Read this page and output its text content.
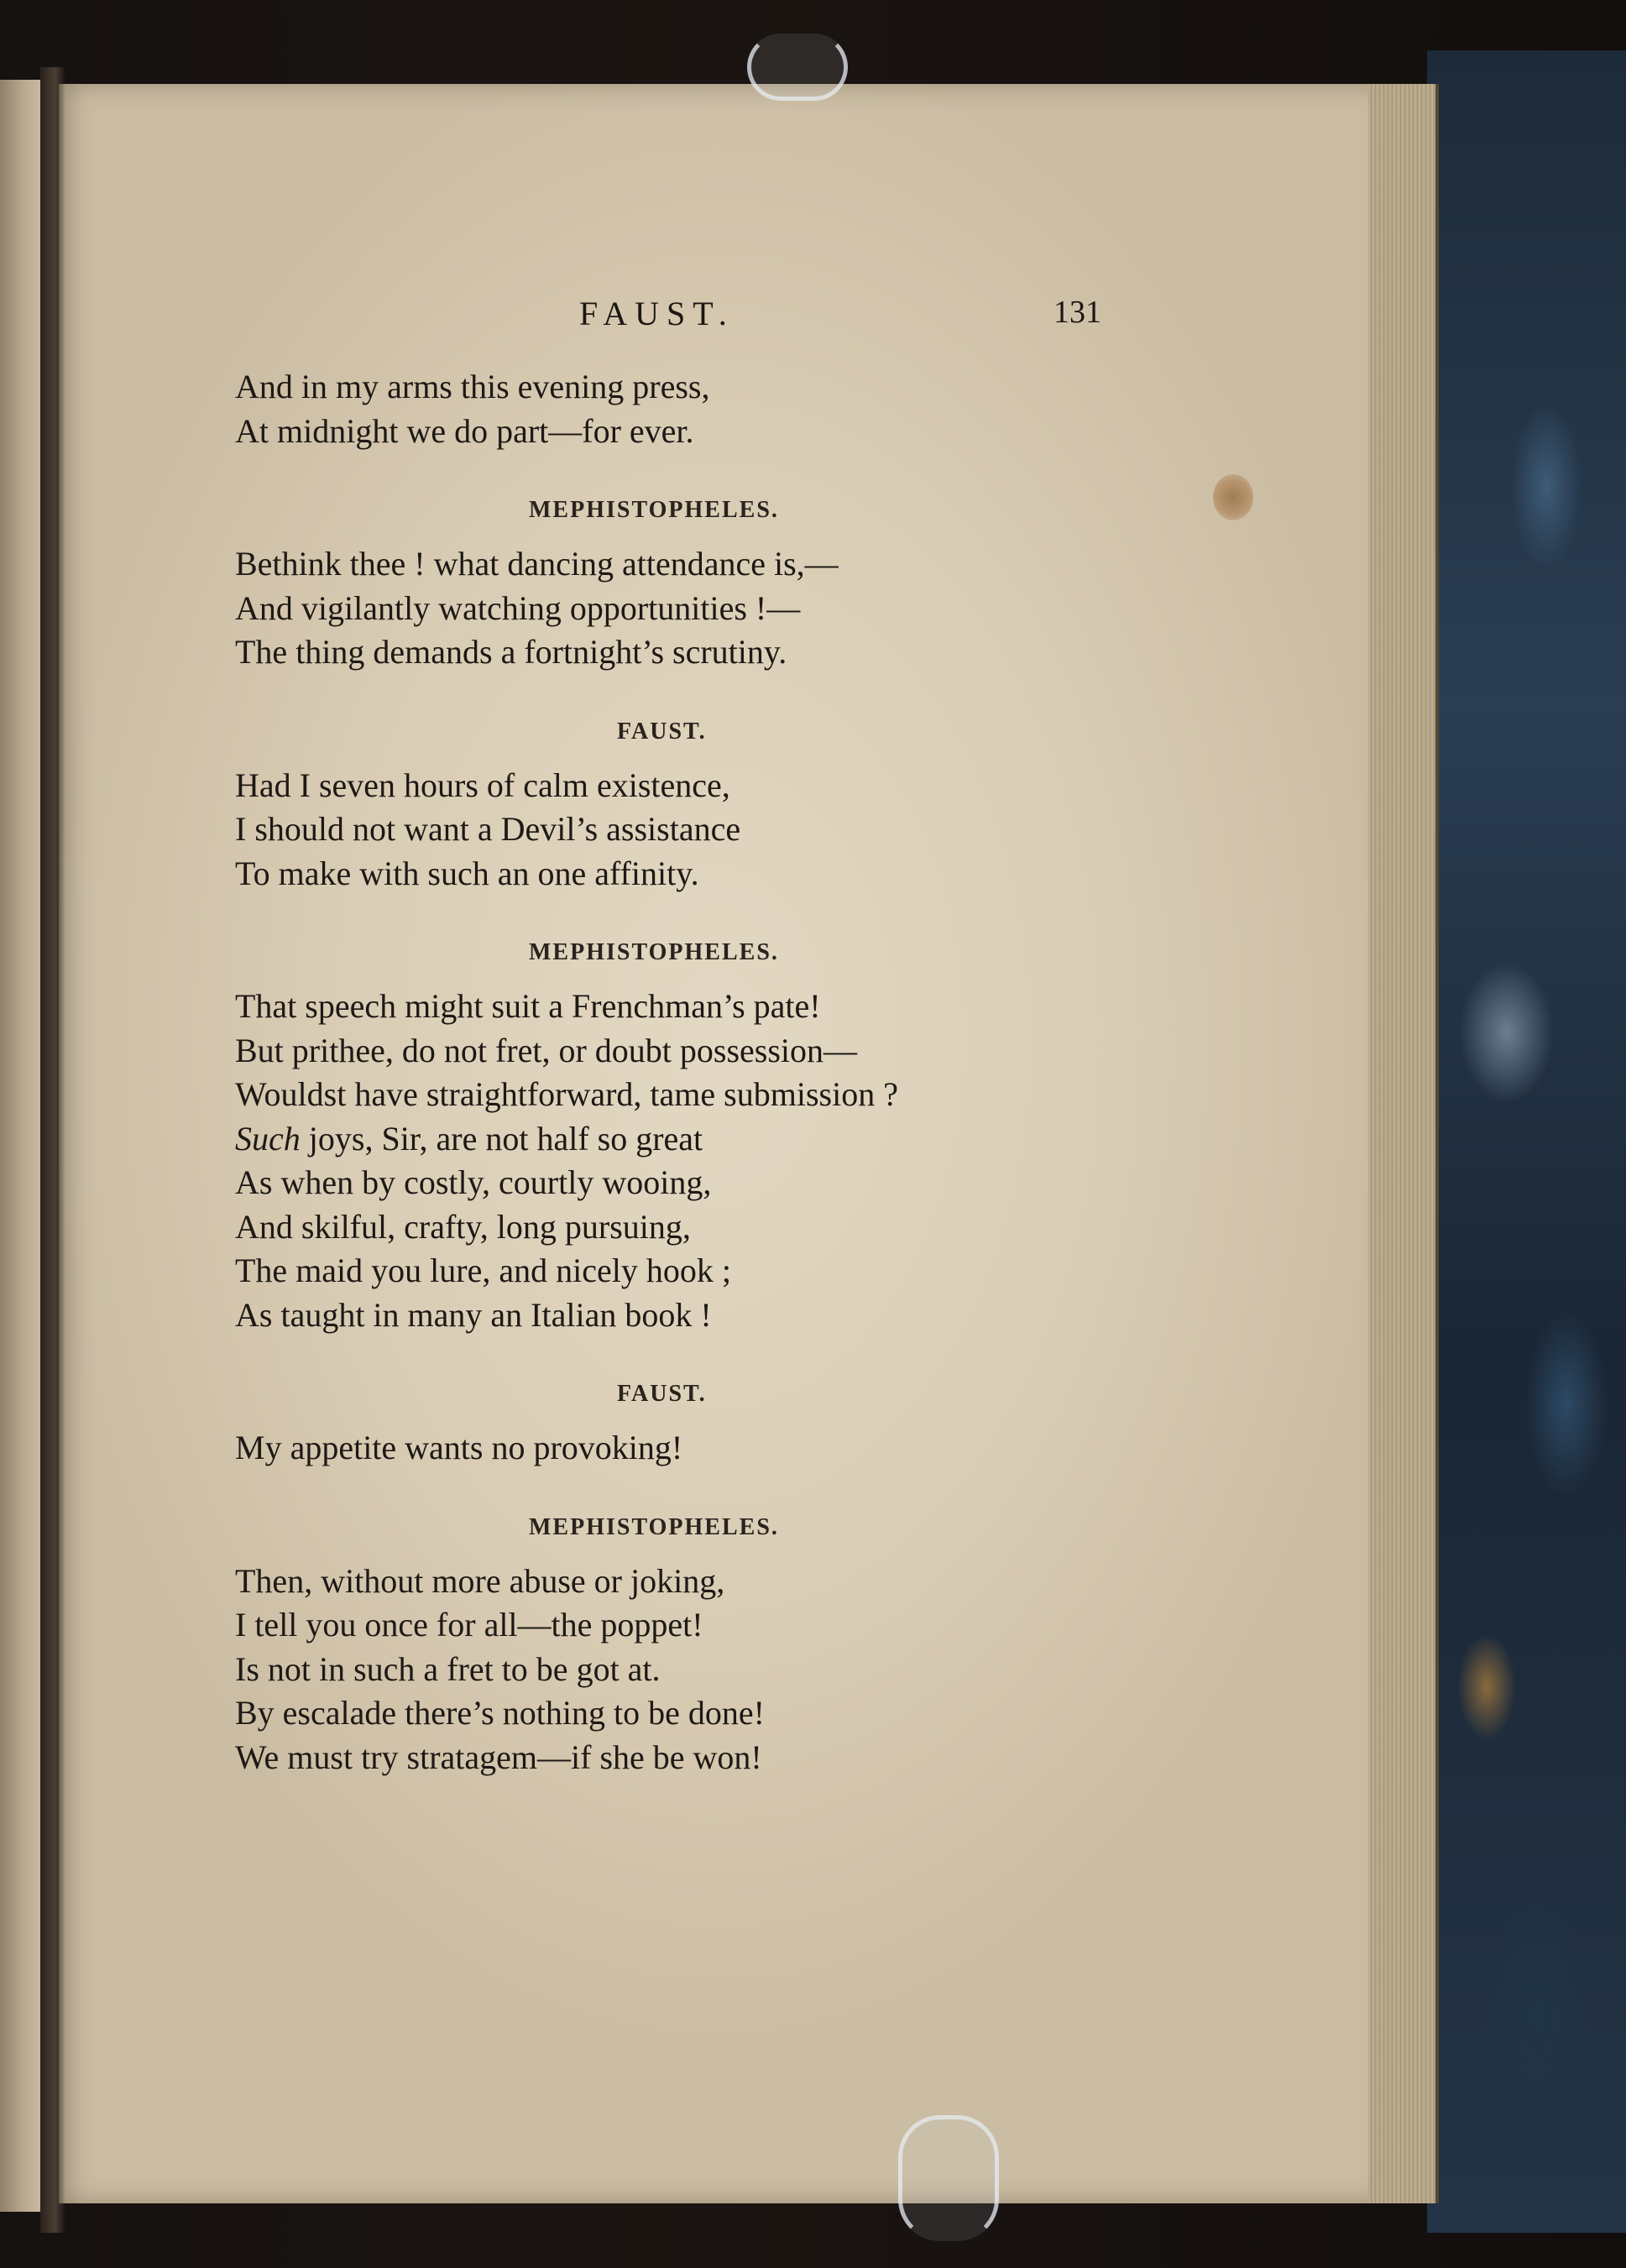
FAUST.	131
And in my arms this evening press,
At midnight we do part—for ever.
MEPHISTOPHELES.
Bethink thee ! what dancing attendance is,—
And vigilantly watching opportunities !—
The thing demands a fortnight’s scrutiny.
FAUST.
Had I seven hours of calm existence,
I should not want a Devil’s assistance
To make with such an one affinity.
MEPHISTOPHELES.
That speech might suit a Frenchman’s pate!
But prithee, do not fret, or doubt possession—
Wouldst have straightforward, tame submission ?
Such joys, Sir, are not half so great
As when by costly, courtly wooing,
And skilful, crafty, long pursuing,
The maid you lure, and nicely hook ;
As taught in many an Italian book !
FAUST.
My appetite wants no provoking!
MEPHISTOPHELES.
Then, without more abuse or joking,
I tell you once for all—the poppet!
Is not in such a fret to be got at.
By escalade there’s nothing to be done!
We must try stratagem—if she be won!
